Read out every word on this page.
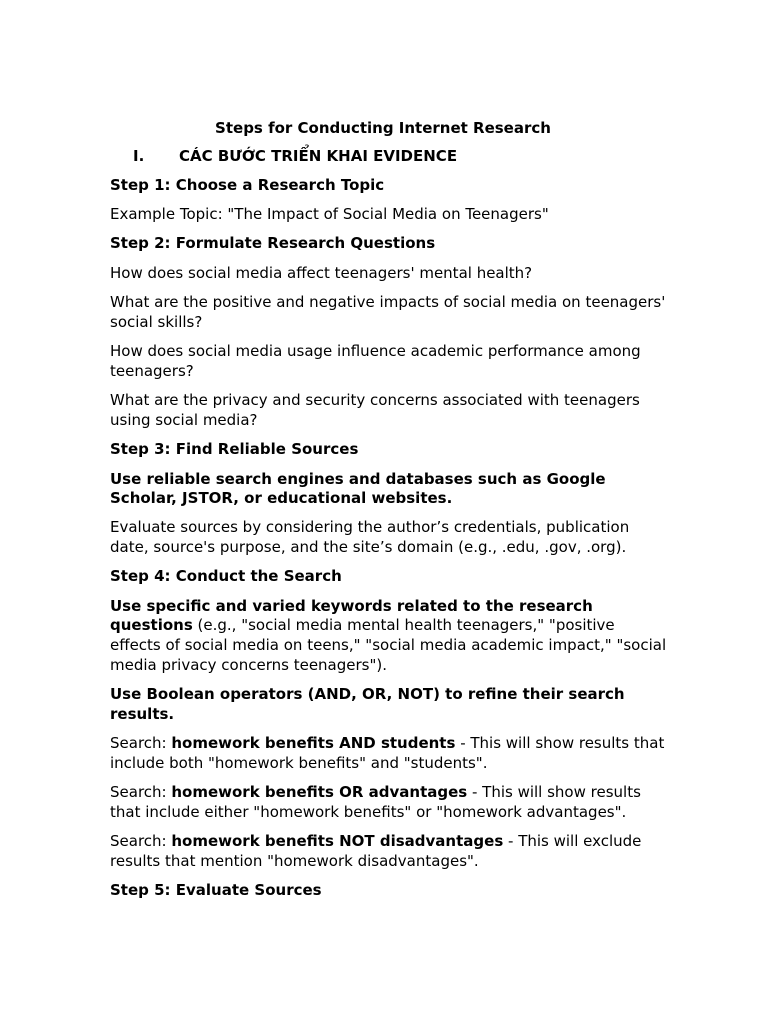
Steps for Conducting Internet Research

I. CÁC BƯỚC TRIỂN KHAI EVIDENCE

Step 1: Choose a Research Topic

Example Topic: "The Impact of Social Media on Teenagers"

Step 2: Formulate Research Questions

How does social media affect teenagers' mental health?

What are the positive and negative impacts of social media on teenagers' social skills?

How does social media usage influence academic performance among teenagers?

What are the privacy and security concerns associated with teenagers using social media?

Step 3: Find Reliable Sources

Use reliable search engines and databases such as Google Scholar, JSTOR, or educational websites.

Evaluate sources by considering the author’s credentials, publication date, source's purpose, and the site’s domain (e.g., .edu, .gov, .org).

Step 4: Conduct the Search

Use specific and varied keywords related to the research questions (e.g., "social media mental health teenagers," "positive effects of social media on teens," "social media academic impact," "social media privacy concerns teenagers").

Use Boolean operators (AND, OR, NOT) to refine their search results.

Search: homework benefits AND students - This will show results that include both "homework benefits" and "students".

Search: homework benefits OR advantages - This will show results that include either "homework benefits" or "homework advantages".

Search: homework benefits NOT disadvantages - This will exclude results that mention "homework disadvantages".

Step 5: Evaluate Sources
